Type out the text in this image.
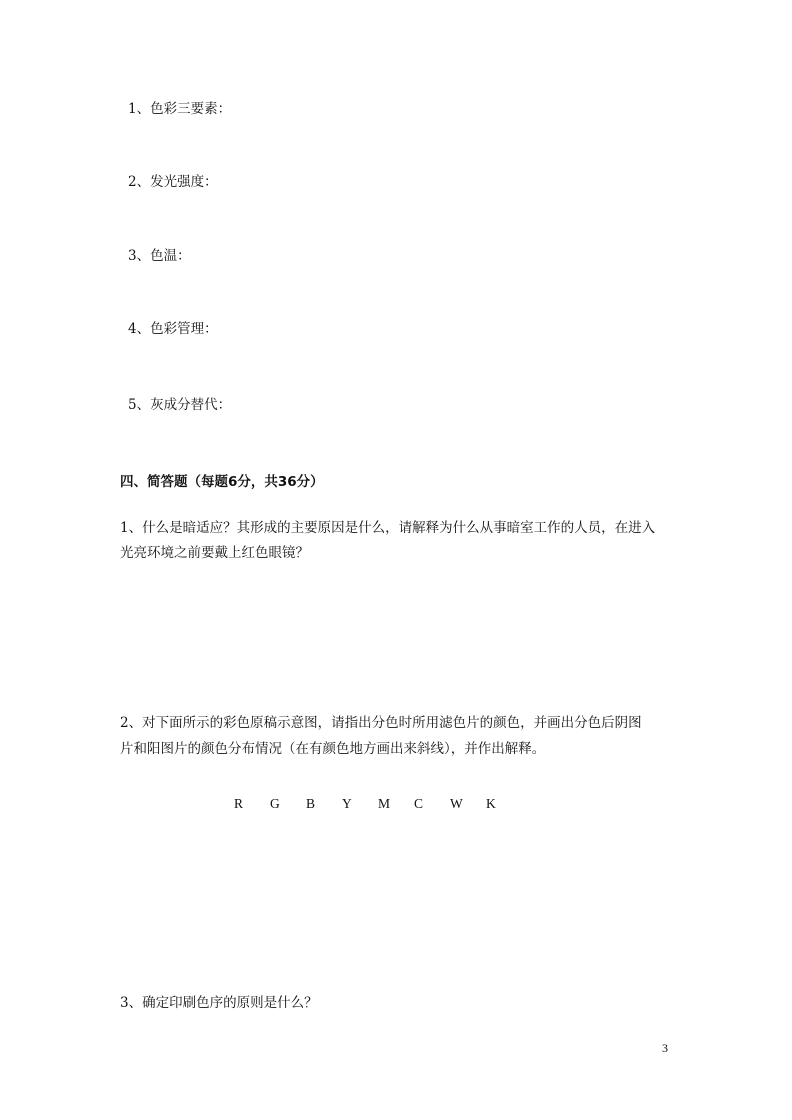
1、色彩三要素：
2、发光强度：
3、色温：
4、色彩管理：
5、灰成分替代：
四、简答题（每题6分，共36分）
1、什么是暗适应？其形成的主要原因是什么，请解释为什么从事暗室工作的人员，在进入
光亮环境之前要戴上红色眼镜？
2、对下面所示的彩色原稿示意图，请指出分色时所用滤色片的颜色，并画出分色后阴图
片和阳图片的颜色分布情况（在有颜色地方画出来斜线），并作出解释。
R G B Y M C W K
3、确定印刷色序的原则是什么？
3
